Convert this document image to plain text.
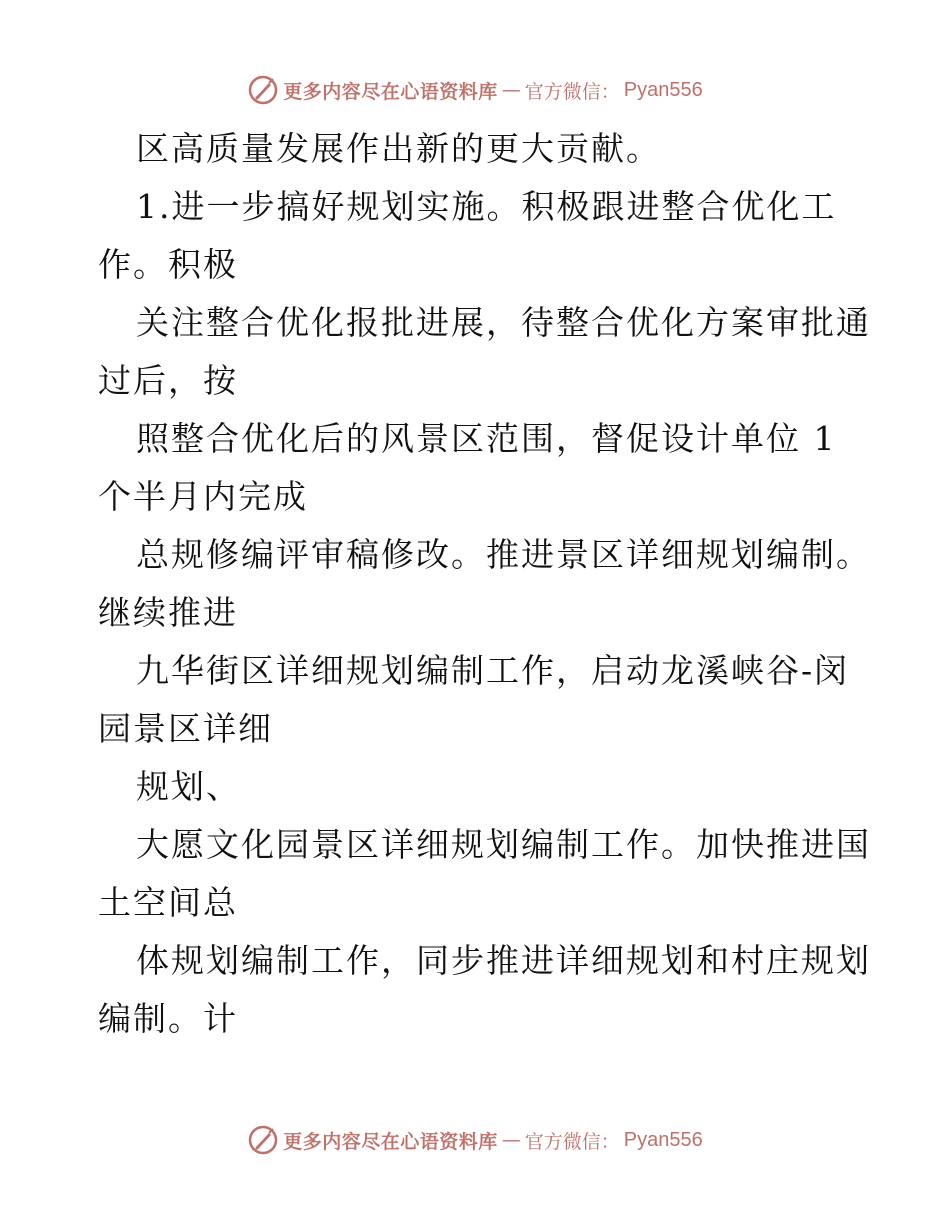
更多内容尽在心语资料库 — 官方微信： Pyan556
区高质量发展作出新的更大贡献。
1.进一步搞好规划实施。积极跟进整合优化工
作。积极
关注整合优化报批进展，待整合优化方案审批通
过后，按
照整合优化后的风景区范围，督促设计单位 1
个半月内完成
总规修编评审稿修改。推进景区详细规划编制。
继续推进
九华街区详细规划编制工作，启动龙溪峡谷-闵
园景区详细
规划、
大愿文化园景区详细规划编制工作。加快推进国
土空间总
体规划编制工作，同步推进详细规划和村庄规划
编制。计
更多内容尽在心语资料库 — 官方微信： Pyan556
